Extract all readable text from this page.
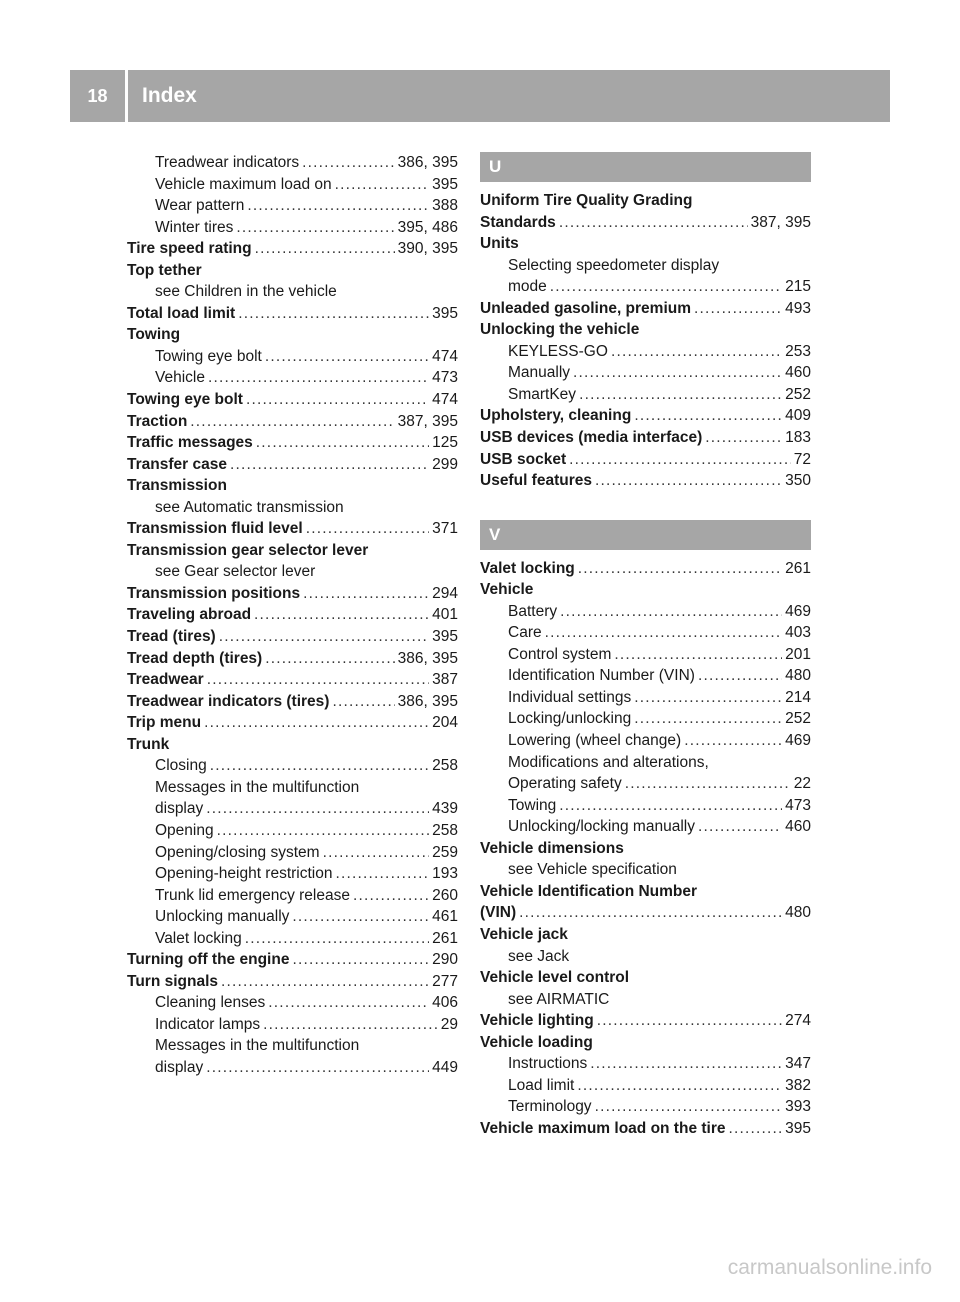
18	Index
Treadwear indicators .....	386, 395
Vehicle maximum load on .....	395
Wear pattern .....	388
Winter tires .....	395, 486
Tire speed rating .....	390, 395
Top tether
see Children in the vehicle
Total load limit .....	395
Towing
Towing eye bolt .....	474
Vehicle .....	473
Towing eye bolt .....	474
Traction .....	387, 395
Traffic messages .....	125
Transfer case .....	299
Transmission
see Automatic transmission
Transmission fluid level .....	371
Transmission gear selector lever
see Gear selector lever
Transmission positions .....	294
Traveling abroad .....	401
Tread (tires) .....	395
Tread depth (tires) .....	386, 395
Treadwear .....	387
Treadwear indicators (tires) .....	386, 395
Trip menu .....	204
Trunk
Closing .....	258
Messages in the multifunction
display .....	439
Opening .....	258
Opening/closing system .....	259
Opening-height restriction .....	193
Trunk lid emergency release .....	260
Unlocking manually .....	461
Valet locking .....	261
Turning off the engine .....	290
Turn signals .....	277
Cleaning lenses .....	406
Indicator lamps .....	29
Messages in the multifunction
display .....	449
U
Uniform Tire Quality Grading
Standards .....	387, 395
Units
Selecting speedometer display
mode .....	215
Unleaded gasoline, premium .....	493
Unlocking the vehicle
KEYLESS-GO .....	253
Manually .....	460
SmartKey .....	252
Upholstery, cleaning .....	409
USB devices (media interface) .....	183
USB socket .....	72
Useful features .....	350
V
Valet locking .....	261
Vehicle
Battery .....	469
Care .....	403
Control system .....	201
Identification Number (VIN) .....	480
Individual settings .....	214
Locking/unlocking .....	252
Lowering (wheel change) .....	469
Modifications and alterations,
Operating safety .....	22
Towing .....	473
Unlocking/locking manually .....	460
Vehicle dimensions
see Vehicle specification
Vehicle Identification Number
(VIN) .....	480
Vehicle jack
see Jack
Vehicle level control
see AIRMATIC
Vehicle lighting .....	274
Vehicle loading
Instructions .....	347
Load limit .....	382
Terminology .....	393
Vehicle maximum load on the tire .....	395
carmanualsonline.info
